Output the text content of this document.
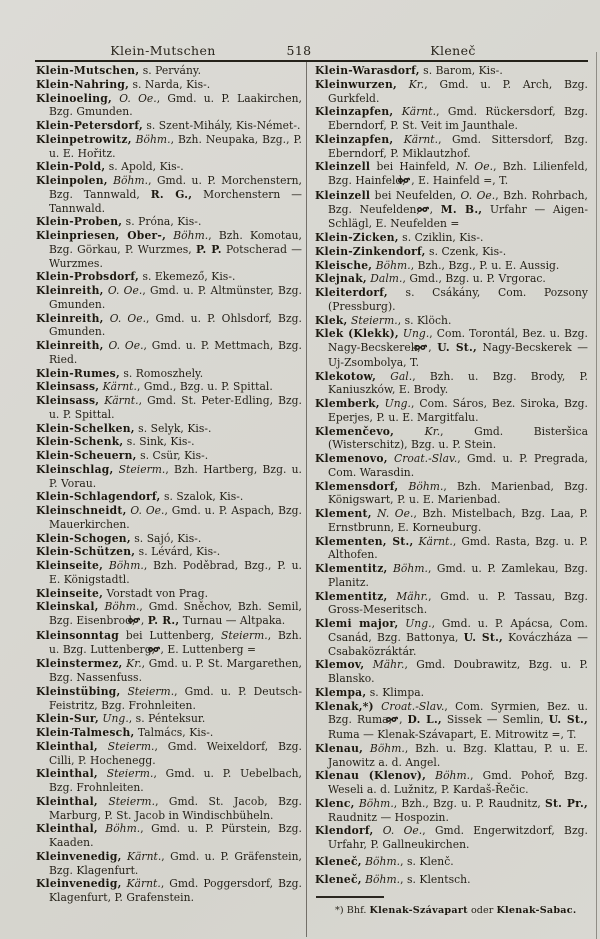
Klein-Mutschen	518	Kleneč

Klein-Mutschen, s. Pervány.

Klein-Nahring, s. Narda, Kis-.

Kleinoeling, O. Oe., Gmd. u. P. Laakirchen, Bzg. Gmunden.

Klein-Petersdorf, s. Szent-Mihály, Kis-Német-.

Kleinpetrowitz, Böhm., Bzh. Neupaka, Bzg., P. u. E. Hořitz.

Klein-Pold, s. Apold, Kis-.

Kleinpolen, Böhm., Gmd. u. P. Morchenstern, Bzg. Tannwald, R. G., Morchenstern — Tannwald.

Klein-Proben, s. Próna, Kis-.

Kleinpriesen, Ober-, Böhm., Bzh. Komotau, Bzg. Görkau, P. Wurzmes, P. P. Potscherad — Wurzmes.

Klein-Probsdorf, s. Ekemező, Kis-.

Kleinreith, O. Oe., Gmd. u. P. Altmünster, Bzg. Gmunden.

Kleinreith, O. Oe., Gmd. u. P. Ohlsdorf, Bzg. Gmunden.

Kleinreith, O. Oe., Gmd. u. P. Mettmach, Bzg. Ried.

Klein-Rumes, s. Romoszhely.

Kleinsass, Kärnt., Gmd., Bzg. u. P. Spittal.

Kleinsass, Kärnt., Gmd. St. Peter-Edling, Bzg. u. P. Spittal.

Klein-Schelken, s. Selyk, Kis-.

Klein-Schenk, s. Sink, Kis-.

Klein-Scheuern, s. Csür, Kis-.

Kleinschlag, Steierm., Bzh. Hartberg, Bzg. u. P. Vorau.

Klein-Schlagendorf, s. Szalok, Kis-.

Kleinschneidt, O. Oe., Gmd. u. P. Aspach, Bzg. Mauerkirchen.

Klein-Schogen, s. Sajó, Kis-.

Klein-Schützen, s. Lévárd, Kis-.

Kleinseite, Böhm., Bzh. Poděbrad, Bzg., P. u. E. Königstadtl.

Kleinseite, Vorstadt von Prag.

Kleinskal, Böhm., Gmd. Sněchov, Bzh. Semil, Bzg. Eisenbrod, , P. R., Turnau — Altpaka.

Kleinsonntag bei Luttenberg, Steierm., Bzh. u. Bzg. Luttenberg, , E. Luttenberg =

Kleinstermez, Kr., Gmd. u. P. St. Margarethen, Bzg. Nassenfuss.

Kleinstübing, Steierm., Gmd. u. P. Deutsch-Feistritz, Bzg. Frohnleiten.

Klein-Sur, Ung., s. Pénteksur.

Klein-Talmesch, Talmács, Kis-.

Kleinthal, Steierm., Gmd. Weixeldorf, Bzg. Cilli, P. Hochenegg.

Kleinthal, Steierm., Gmd. u. P. Uebelbach, Bzg. Frohnleiten.

Kleinthal, Steierm., Gmd. St. Jacob, Bzg. Marburg, P. St. Jacob in Windischbüheln.

Kleinthal, Böhm., Gmd. u. P. Pürstein, Bzg. Kaaden.

Kleinvenedig, Kärnt., Gmd. u. P. Gräfenstein, Bzg. Klagenfurt.

Kleinvenedig, Kärnt., Gmd. Poggersdorf, Bzg. Klagenfurt, P. Grafenstein.

Klein-Warasdorf, s. Barom, Kis-.

Kleinwurzen, Kr., Gmd. u. P. Arch, Bzg. Gurkfeld.

Kleinzapfen, Kärnt., Gmd. Rückersdorf, Bzg. Eberndorf, P. St. Veit im Jaunthale.

Kleinzapfen, Kärnt., Gmd. Sittersdorf, Bzg. Eberndorf, P. Miklautzhof.

Kleinzell bei Hainfeld, N. Oe., Bzh. Lilienfeld, Bzg. Hainfeld, , E. Hainfeld =, T.

Kleinzell bei Neufelden, O. Oe., Bzh. Rohrbach, Bzg. Neufelden, , M. B., Urfahr — Aigen-Schlägl, E. Neufelden =

Klein-Zicken, s. Cziklin, Kis-.

Klein-Zinkendorf, s. Czenk, Kis-.

Kleische, Böhm., Bzh., Bzg., P. u. E. Aussig.

Klejnak, Dalm., Gmd., Bzg. u. P. Vrgorac.

Kleiterdorf, s. Csákány, Com. Pozsony (Pressburg).

Klek, Steierm., s. Klöch.

Klek (Klekk), Ung., Com. Torontál, Bez. u. Bzg. Nagy-Becskerek, , U. St., Nagy-Becskerek — Uj-Zsombolya, T.

Klekotow, Gal., Bzh. u. Bzg. Brody, P. Kaniuszków, E. Brody.

Klemberk, Ung., Com. Sáros, Bez. Siroka, Bzg. Eperjes, P. u. E. Margitfalu.

Klemenčevo, Kr., Gmd. Bisteršica (Wisterschitz), Bzg. u. P. Stein.

Klemenovo, Croat.-Slav., Gmd. u. P. Pregrada, Com. Warasdin.

Klemensdorf, Böhm., Bzh. Marienbad, Bzg. Königswart, P. u. E. Marienbad.

Klement, N. Oe., Bzh. Mistelbach, Bzg. Laa, P. Ernstbrunn, E. Korneuburg.

Klementen, St., Kärnt., Gmd. Rasta, Bzg. u. P. Althofen.

Klementitz, Böhm., Gmd. u. P. Zamlekau, Bzg. Planitz.

Klementitz, Mähr., Gmd. u. P. Tassau, Bzg. Gross-Meseritsch.

Klemi major, Ung., Gmd. u. P. Apácsa, Com. Csanád, Bzg. Battonya, U. St., Kováczháza — Csabaközráktár.

Klemov, Mähr., Gmd. Doubrawitz, Bzg. u. P. Blansko.

Klempa, s. Klimpa.

Klenak,*) Croat.-Slav., Com. Syrmien, Bez. u. Bzg. Ruma, , D. L., Sissek — Semlin, U. St., Ruma — Klenak-Szávapart, E. Mitrowitz =, T.

Klenau, Böhm., Bzh. u. Bzg. Klattau, P. u. E. Janowitz a. d. Angel.

Klenau (Klenov), Böhm., Gmd. Pohoř, Bzg. Weseli a. d. Lužnitz, P. Kardaš-Řečic.

Klenc, Böhm., Bzh., Bzg. u. P. Raudnitz, St. Pr., Raudnitz — Hospozin.

Klendorf, O. Oe., Gmd. Engerwitzdorf, Bzg. Urfahr, P. Gallneukirchen.

Kleneč, Böhm., s. Klenč.

Kleneč, Böhm., s. Klentsch.

*) Bhf. Klenak-Szávapart oder Klenak-Sabac.
